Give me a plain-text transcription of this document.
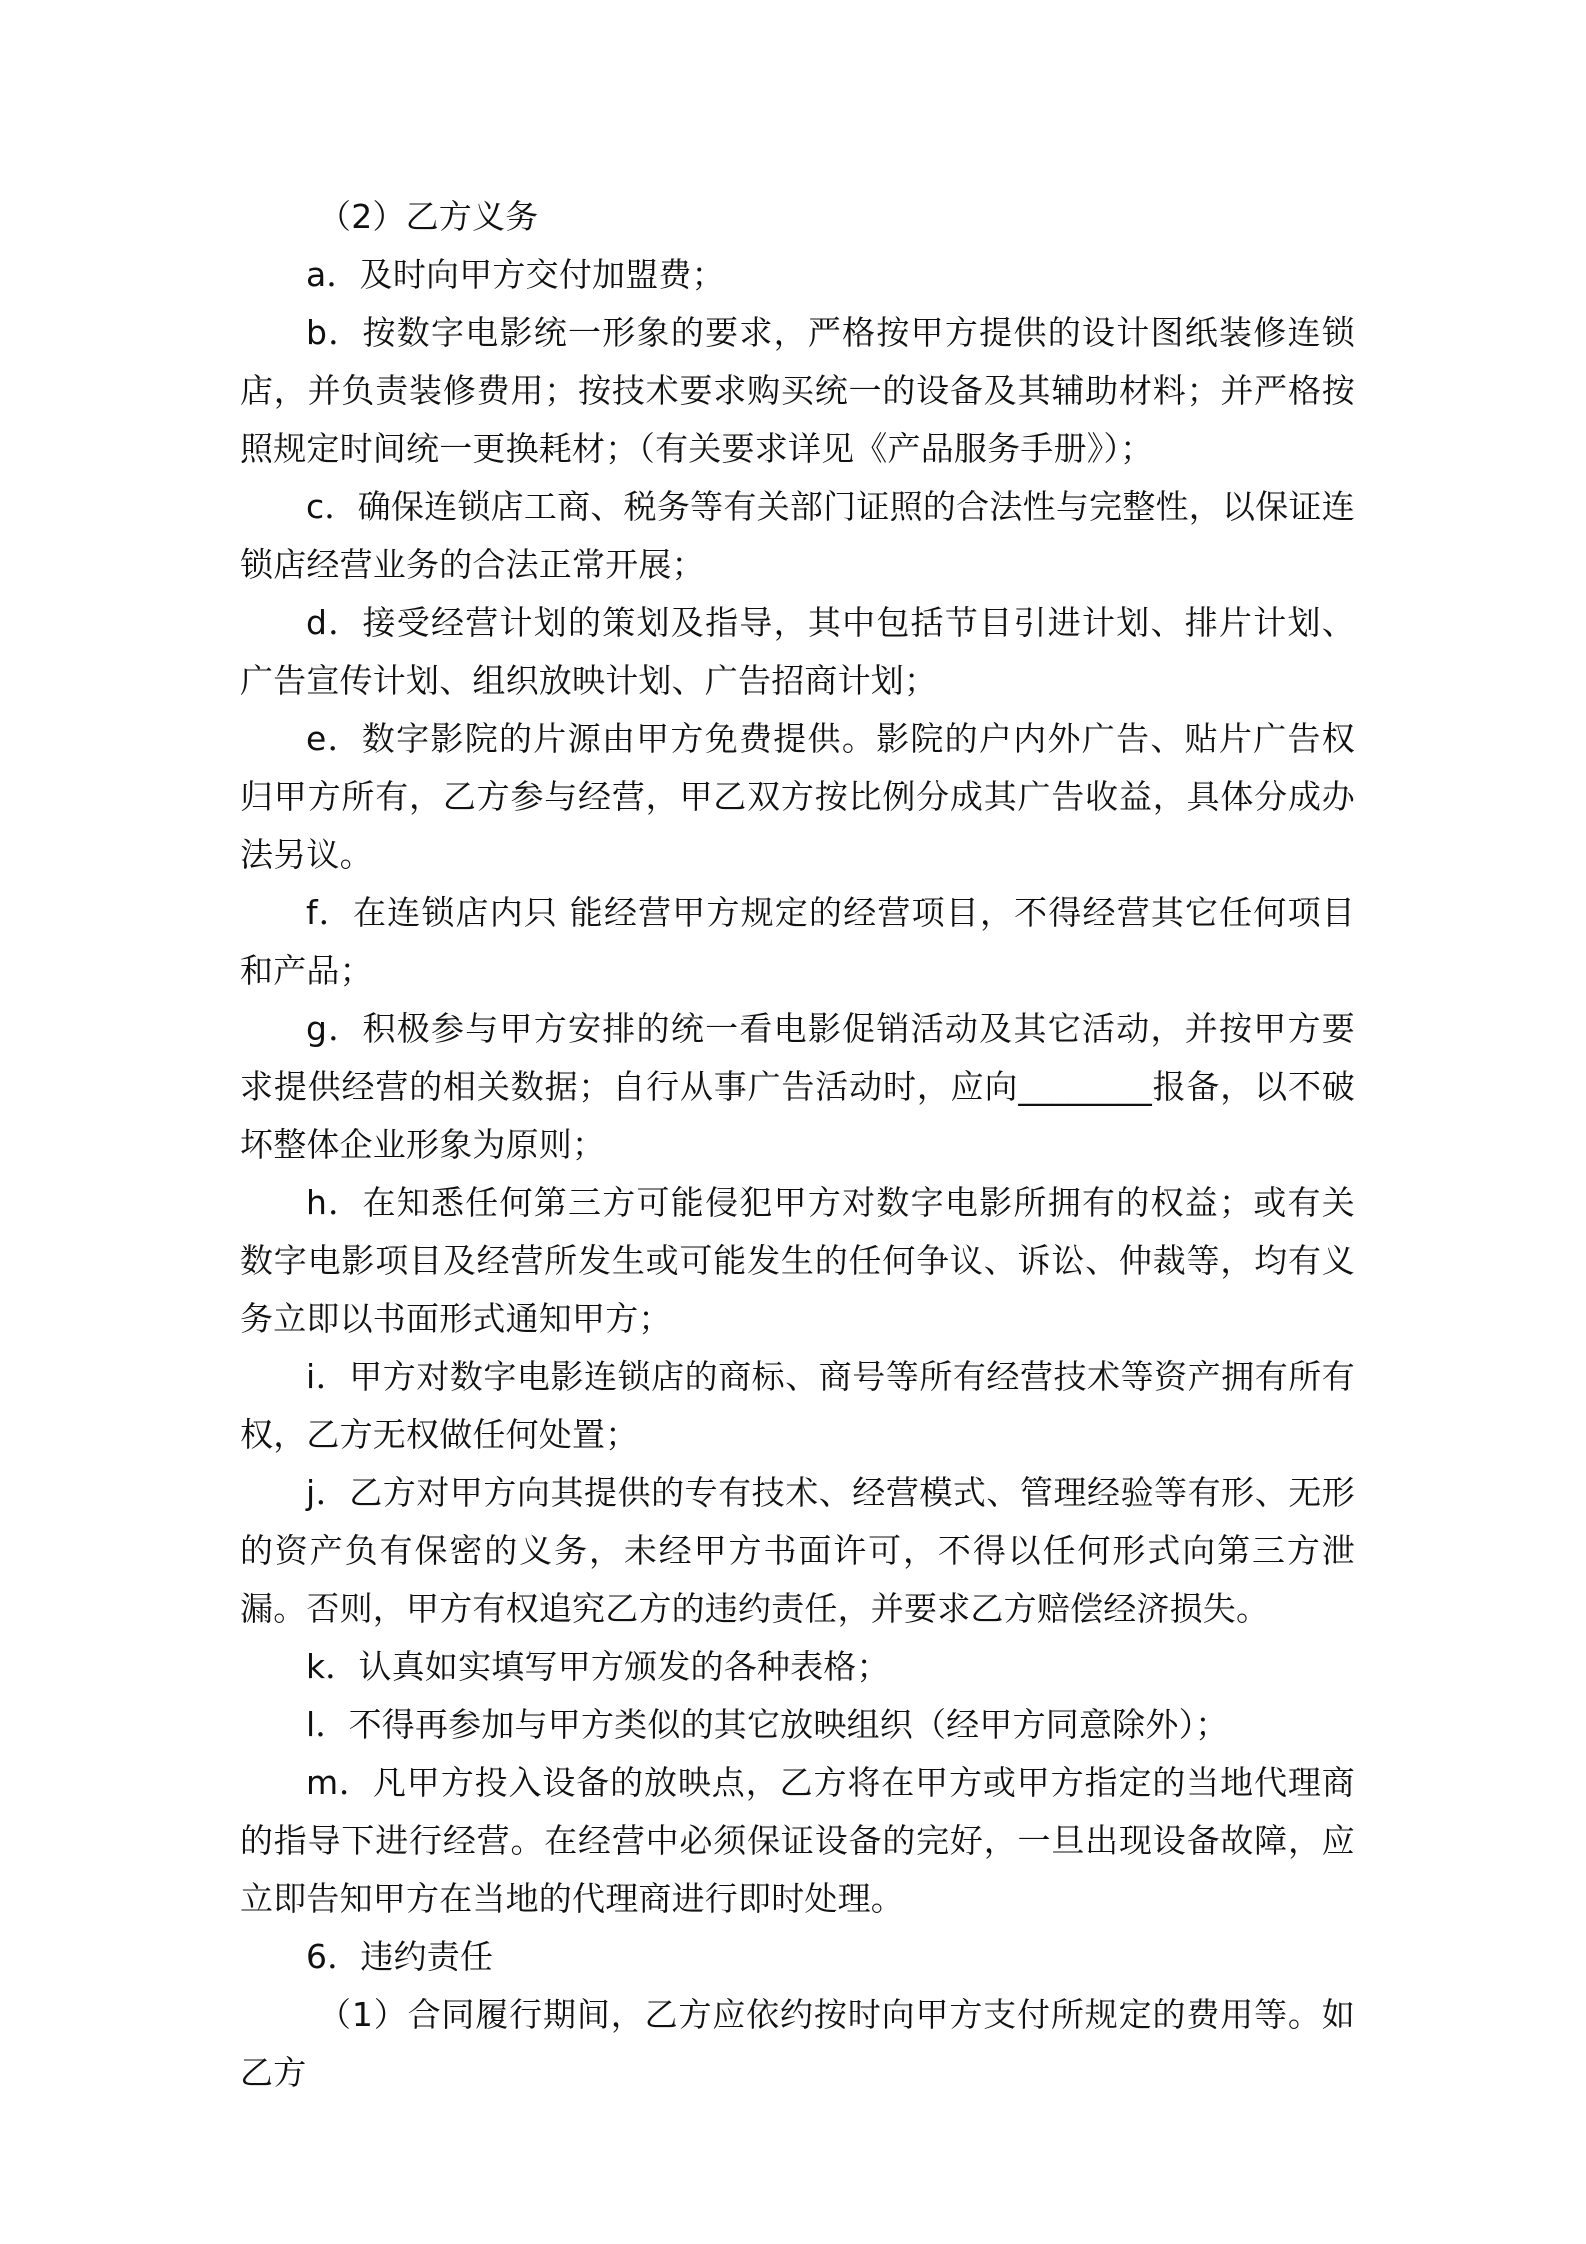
（2）乙方义务

a．及时向甲方交付加盟费；

b．按数字电影统一形象的要求，严格按甲方提供的设计图纸装修连锁店，并负责装修费用；按技术要求购买统一的设备及其辅助材料；并严格按照规定时间统一更换耗材；（有关要求详见《产品服务手册》）；

c．确保连锁店工商、税务等有关部门证照的合法性与完整性，以保证连锁店经营业务的合法正常开展；

d．接受经营计划的策划及指导，其中包括节目引进计划、排片计划、广告宣传计划、组织放映计划、广告招商计划；

e．数字影院的片源由甲方免费提供。影院的户内外广告、贴片广告权归甲方所有，乙方参与经营，甲乙双方按比例分成其广告收益，具体分成办法另议。

f．在连锁店内只 能经营甲方规定的经营项目，不得经营其它任何项目和产品；

g．积极参与甲方安排的统一看电影促销活动及其它活动，并按甲方要求提供经营的相关数据；自行从事广告活动时，应向________报备，以不破坏整体企业形象为原则；

h．在知悉任何第三方可能侵犯甲方对数字电影所拥有的权益；或有关数字电影项目及经营所发生或可能发生的任何争议、诉讼、仲裁等，均有义务立即以书面形式通知甲方；

i．甲方对数字电影连锁店的商标、商号等所有经营技术等资产拥有所有权，乙方无权做任何处置；

j．乙方对甲方向其提供的专有技术、经营模式、管理经验等有形、无形的资产负有保密的义务，未经甲方书面许可，不得以任何形式向第三方泄漏。否则，甲方有权追究乙方的违约责任，并要求乙方赔偿经济损失。

k．认真如实填写甲方颁发的各种表格；

l．不得再参加与甲方类似的其它放映组织（经甲方同意除外）；

m．凡甲方投入设备的放映点，乙方将在甲方或甲方指定的当地代理商的指导下进行经营。在经营中必须保证设备的完好，一旦出现设备故障，应立即告知甲方在当地的代理商进行即时处理。

6．违约责任

（1）合同履行期间，乙方应依约按时向甲方支付所规定的费用等。如乙方
